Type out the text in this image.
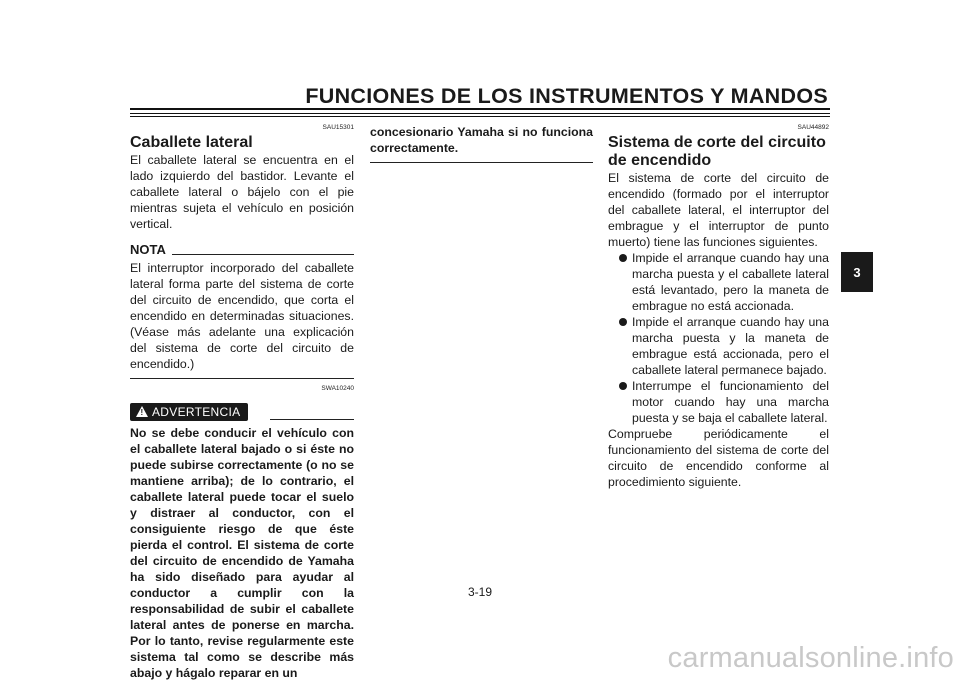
FUNCIONES DE LOS INSTRUMENTOS Y MANDOS
SAU15301
Caballete lateral

El caballete lateral se encuentra en el lado izquierdo del bastidor. Levante el caballete lateral o bájelo con el pie mientras sujeta el vehículo en posición vertical.

NOTA

El interruptor incorporado del caballete lateral forma parte del sistema de corte del circuito de encendido, que corta el encendido en determinadas situaciones. (Véase más adelante una explicación del sistema de corte del circuito de encendido.)

SWA10240
! ADVERTENCIA

No se debe conducir el vehículo con el caballete lateral bajado o si éste no puede subirse correctamente (o no se mantiene arriba); de lo contrario, el caballete lateral puede tocar el suelo y distraer al conductor, con el consiguiente riesgo de que éste pierda el control. El sistema de corte del circuito de encendido de Yamaha ha sido diseñado para ayudar al conductor a cumplir con la responsabilidad de subir el caballete lateral antes de ponerse en marcha. Por lo tanto, revise regularmente este sistema tal como se describe más abajo y hágalo reparar en un

concesionario Yamaha si no funciona correctamente.

SAU44892
Sistema de corte del circuito de encendido

El sistema de corte del circuito de encendido (formado por el interruptor del caballete lateral, el interruptor del embrague y el interruptor de punto muerto) tiene las funciones siguientes.

Impide el arranque cuando hay una marcha puesta y el caballete lateral está levantado, pero la maneta de embrague no está accionada.
Impide el arranque cuando hay una marcha puesta y la maneta de embrague está accionada, pero el caballete lateral permanece bajado.
Interrumpe el funcionamiento del motor cuando hay una marcha puesta y se baja el caballete lateral.

Compruebe periódicamente el funcionamiento del sistema de corte del circuito de encendido conforme al procedimiento siguiente.

3
3-19
carmanualsonline.info
